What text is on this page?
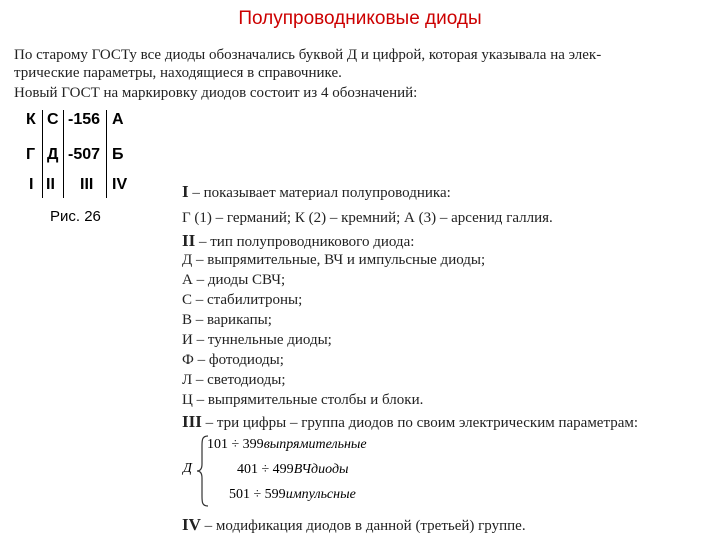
Полупроводниковые диоды
По старому ГОСТу все диоды обозначались буквой Д и цифрой, которая указывала на элек-
трические параметры, находящиеся в справочнике.
Новый ГОСТ на маркировку диодов состоит из 4 обозначений:
К С -156 А
Г Д -507 Б
I II III IV
Рис. 26
I – показывает материал полупроводника:
Г (1) – германий; К (2) – кремний; А (3) – арсенид галлия.
II – тип полупроводникового диода:
Д – выпрямительные, ВЧ и импульсные диоды;
А – диоды СВЧ;
С – стабилитроны;
В – варикапы;
И – туннельные диоды;
Ф – фотодиоды;
Л – светодиоды;
Ц – выпрямительные столбы и блоки.
III – три цифры – группа диодов по своим электрическим параметрам:
Д
101 ÷ 399выпрямительные
401 ÷ 499ВЧдиоды
501 ÷ 599импульсные
IV – модификация диодов в данной (третьей) группе.
